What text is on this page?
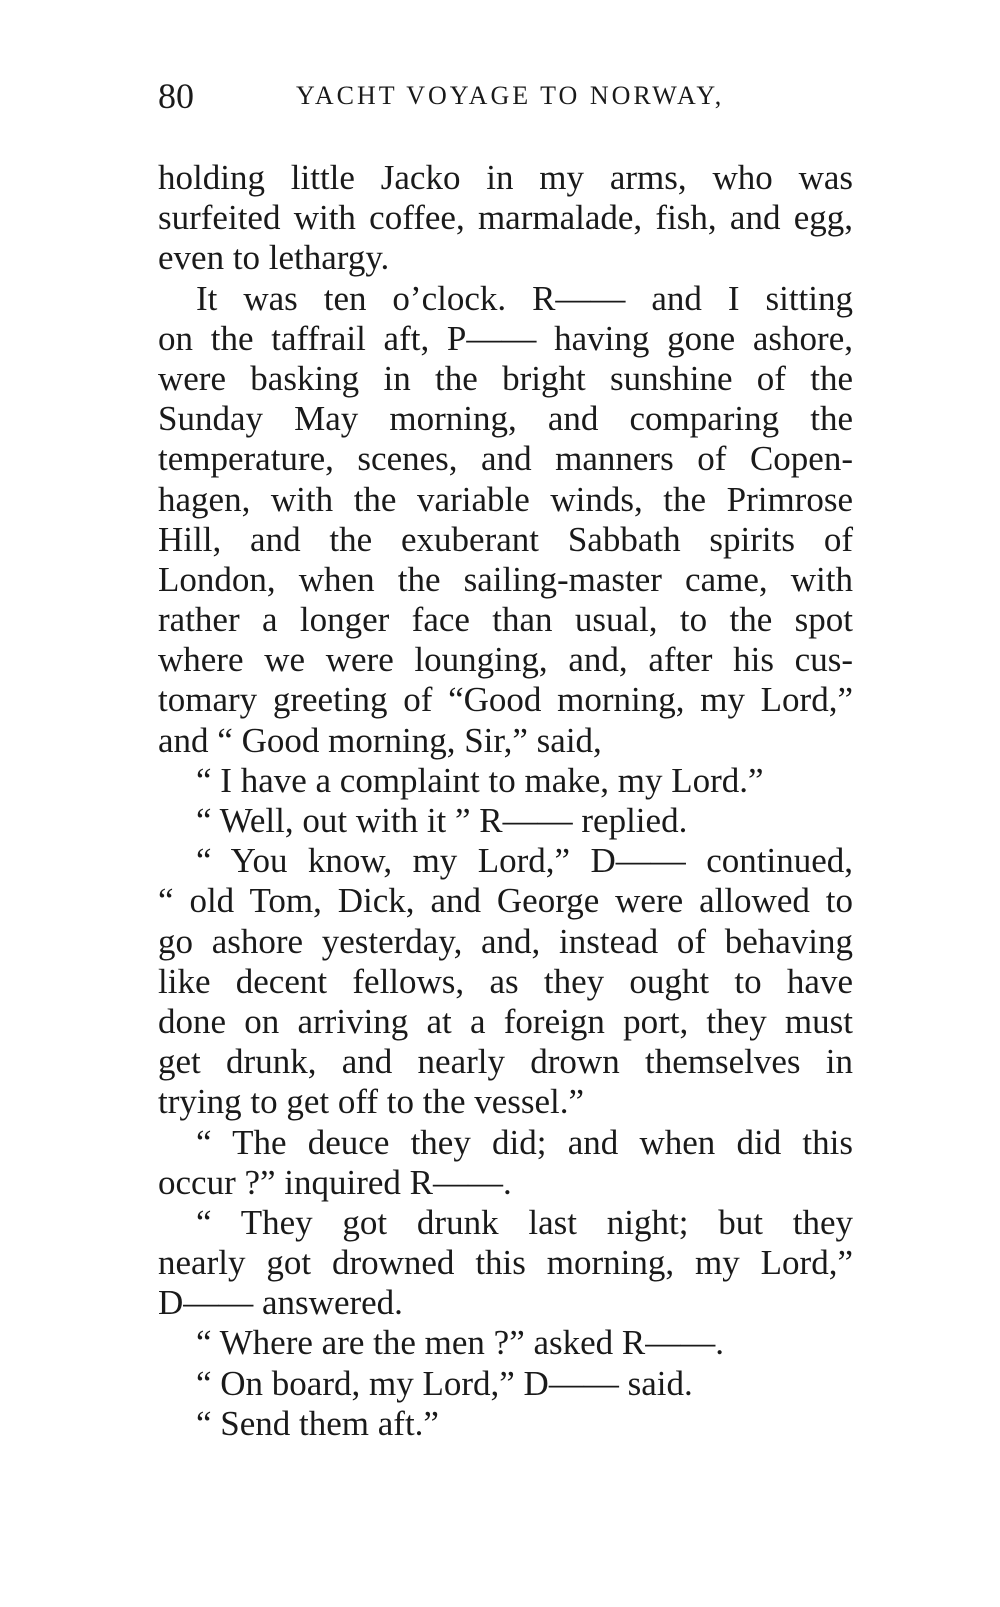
80	YACHT VOYAGE TO NORWAY,
holding little Jacko in my arms, who was
surfeited with coffee, marmalade, fish, and egg,
even to lethargy.
It was ten o’clock. R—— and I sitting
on the taffrail aft, P—— having gone ashore,
were basking in the bright sunshine of the
Sunday May morning, and comparing the
temperature, scenes, and manners of Copen-
hagen, with the variable winds, the Primrose
Hill, and the exuberant Sabbath spirits of
London, when the sailing-master came, with
rather a longer face than usual, to the spot
where we were lounging, and, after his cus-
tomary greeting of “Good morning, my Lord,”
and “ Good morning, Sir,” said,
“ I have a complaint to make, my Lord.”
“ Well, out with it ” R—— replied.
“ You know, my Lord,” D—— continued,
“ old Tom, Dick, and George were allowed to
go ashore yesterday, and, instead of behaving
like decent fellows, as they ought to have
done on arriving at a foreign port, they must
get drunk, and nearly drown themselves in
trying to get off to the vessel.”
“ The deuce they did; and when did this
occur ?” inquired R——.
“ They got drunk last night; but they
nearly got drowned this morning, my Lord,”
D—— answered.
“ Where are the men ?” asked R——.
“ On board, my Lord,” D—— said.
“ Send them aft.”
